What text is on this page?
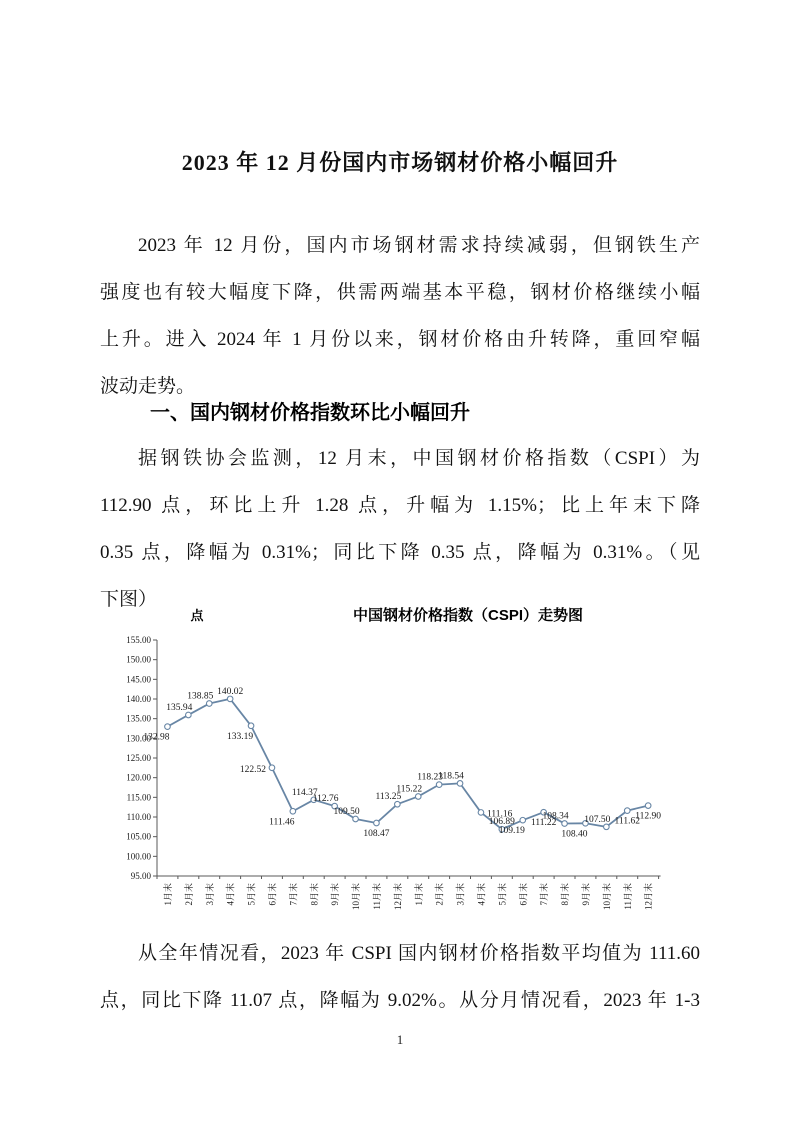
2023 年 12 月份国内市场钢材价格小幅回升
2023 年 12 月份，国内市场钢材需求持续减弱，但钢铁生产
强度也有较大幅度下降，供需两端基本平稳，钢材价格继续小幅
上升。进入 2024 年 1 月份以来，钢材价格由升转降，重回窄幅
波动走势。
一、国内钢材价格指数环比小幅回升
据钢铁协会监测，12 月末，中国钢材价格指数（CSPI）为
112.90 点，环比上升 1.28 点，升幅为 1.15%；比上年末下降
0.35 点，降幅为 0.31%；同比下降 0.35 点，降幅为 0.31%。（见
下图）
中国钢材价格指数（CSPI）走势图
点
95.00
100.00
105.00
110.00
115.00
120.00
125.00
130.00
135.00
140.00
145.00
150.00
155.00
1月末 2月末 3月末 4月末 5月末 6月末 7月末 8月末 9月末 10月末 11月末 12月末 1月末 2月末 3月末 4月末 5月末 6月末 7月末 8月末 9月末 10月末 11月末 12月末
132.98
135.94
138.85 140.02
133.19
122.52
111.46
114.37
112.76
109.50
108.47
113.25
115.22
118.23
118.54
111.16
106.89
109.19
111.22
108.34
108.40
107.50 111.62
112.90
从全年情况看，2023 年 CSPI 国内钢材价格指数平均值为 111.60
点，同比下降 11.07 点，降幅为 9.02%。从分月情况看，2023 年 1-3
1
